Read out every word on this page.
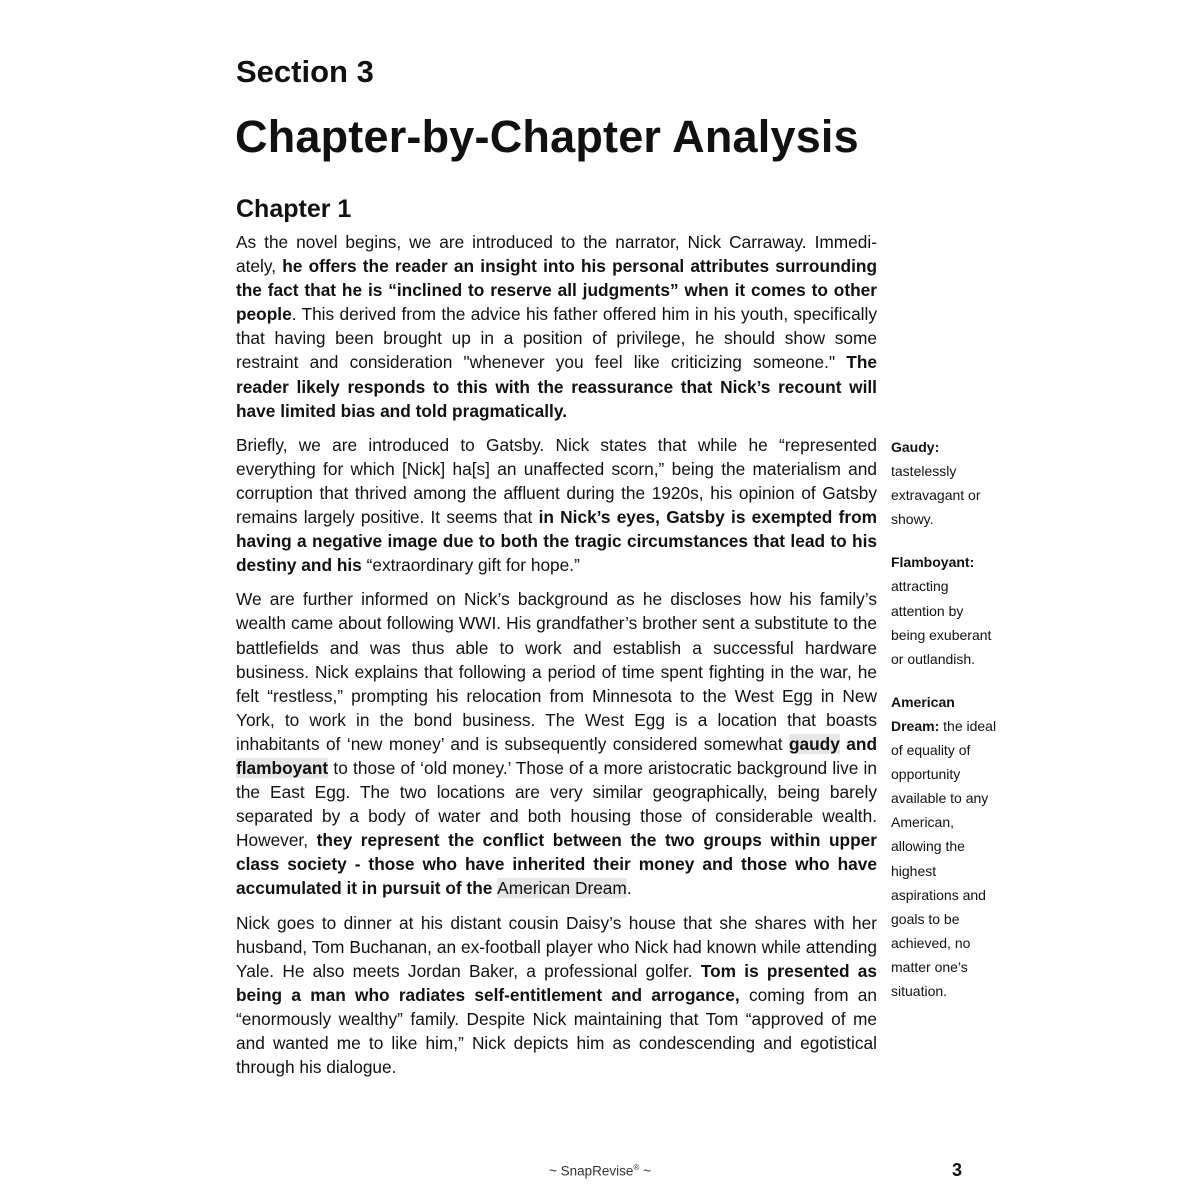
Section 3
Chapter-by-Chapter Analysis
Chapter 1

As the novel begins, we are introduced to the narrator, Nick Carraway. Immedi-ately, he offers the reader an insight into his personal attributes surrounding the fact that he is “inclined to reserve all judgments” when it comes to other people. This derived from the advice his father offered him in his youth, specifically that having been brought up in a position of privilege, he should show some restraint and consideration "whenever you feel like criticizing someone." The reader likely responds to this with the reassurance that Nick’s recount will have limited bias and told pragmatically.

Briefly, we are introduced to Gatsby. Nick states that while he “represented everything for which [Nick] ha[s] an unaffected scorn,” being the materialism and corruption that thrived among the affluent during the 1920s, his opinion of Gatsby remains largely positive. It seems that in Nick’s eyes, Gatsby is exempted from having a negative image due to both the tragic circumstances that lead to his destiny and his “extraordinary gift for hope.”

We are further informed on Nick’s background as he discloses how his family’s wealth came about following WWI. His grandfather’s brother sent a substitute to the battlefields and was thus able to work and establish a successful hardware business. Nick explains that following a period of time spent fighting in the war, he felt “restless,” prompting his relocation from Minnesota to the West Egg in New York, to work in the bond business. The West Egg is a location that boasts inhabitants of ‘new money’ and is subsequently considered somewhat gaudy and flamboyant to those of ‘old money.’ Those of a more aristocratic background live in the East Egg. The two locations are very similar geographically, being barely separated by a body of water and both housing those of considerable wealth. However, they represent the conflict between the two groups within upper class society - those who have inherited their money and those who have accumulated it in pursuit of the American Dream.

Nick goes to dinner at his distant cousin Daisy’s house that she shares with her husband, Tom Buchanan, an ex-football player who Nick had known while attending Yale. He also meets Jordan Baker, a professional golfer. Tom is presented as being a man who radiates self-entitlement and arrogance, coming from an “enormously wealthy” family. Despite Nick maintaining that Tom “approved of me and wanted me to like him,” Nick depicts him as condescending and egotistical through his dialogue.

Gaudy:
tastelessly extravagant or showy.
Flamboyant:
attracting attention by being exuberant or outlandish.
American Dream: the ideal of equality of opportunity available to any American, allowing the highest aspirations and goals to be achieved, no matter one’s situation.
~ SnapRevise® ~	3
